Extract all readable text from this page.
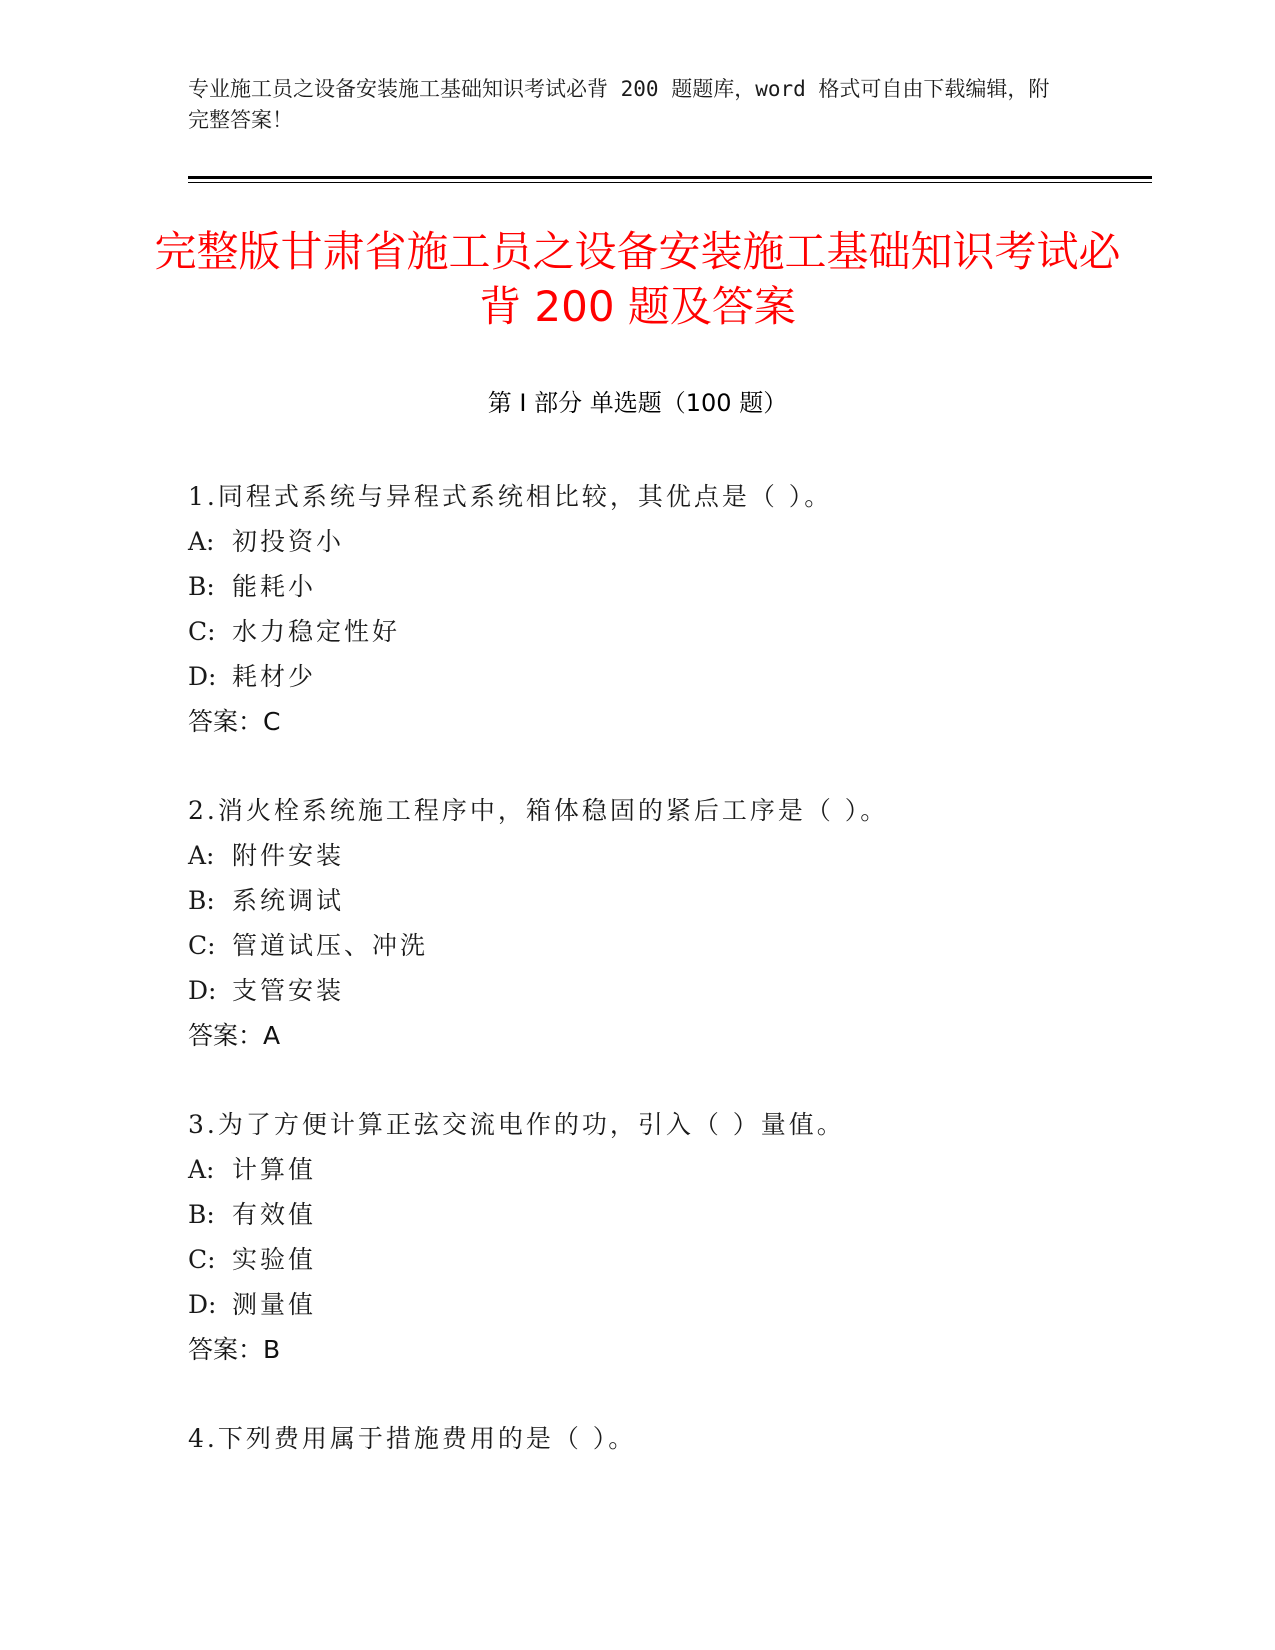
专业施工员之设备安装施工基础知识考试必背 200 题题库，word 格式可自由下载编辑，附完整答案！
完整版甘肃省施工员之设备安装施工基础知识考试必背 200 题及答案
第 I 部分 单选题（100 题）
1.同程式系统与异程式系统相比较，其优点是（ ）。
A: 初投资小
B: 能耗小
C: 水力稳定性好
D: 耗材少
答案：C
2.消火栓系统施工程序中，箱体稳固的紧后工序是（ ）。
A: 附件安装
B: 系统调试
C: 管道试压、冲洗
D: 支管安装
答案：A
3.为了方便计算正弦交流电作的功，引入（ ）量值。
A: 计算值
B: 有效值
C: 实验值
D: 测量值
答案：B
4.下列费用属于措施费用的是（ ）。
